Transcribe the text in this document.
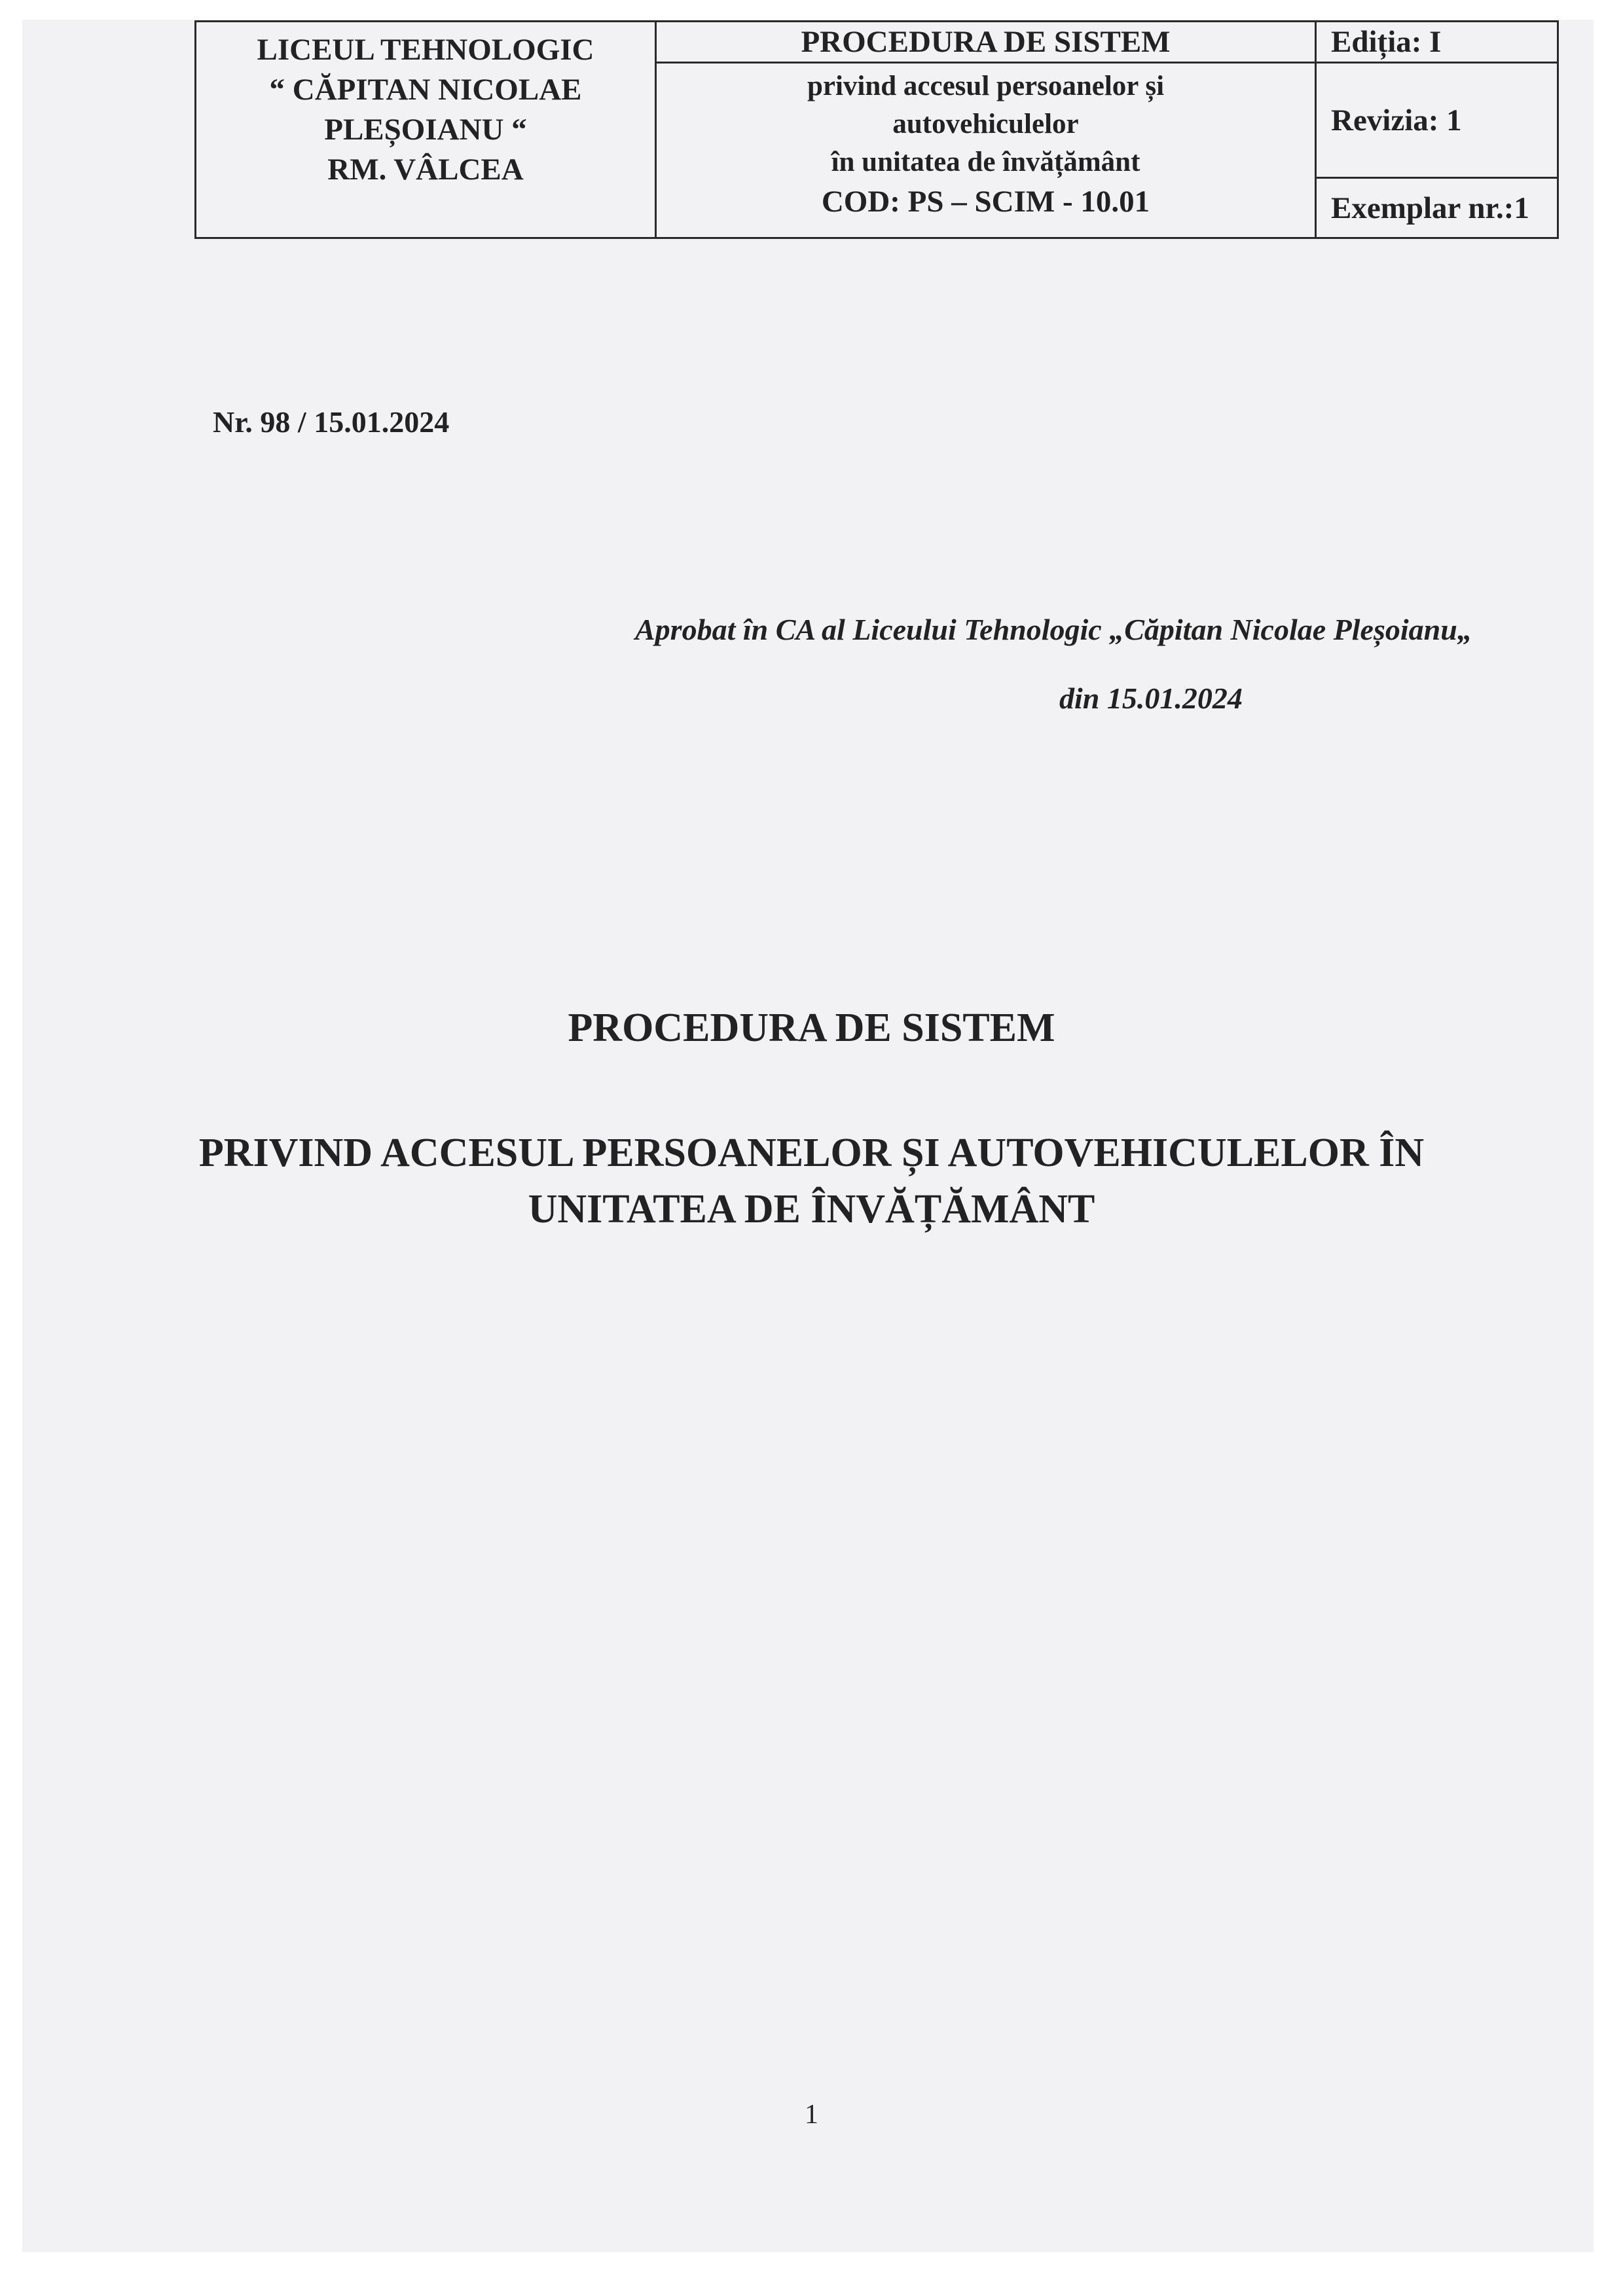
LICEUL TEHNOLOGIC
“ CĂPITAN NICOLAE
PLEȘOIANU “
RM. VÂLCEA
PROCEDURA DE SISTEM
privind accesul persoanelor și
autovehiculelor
în unitatea de învățământ
COD: PS – SCIM - 10.01
Ediția: I
Revizia: 1
Exemplar nr.:1
Nr. 98 / 15.01.2024
Aprobat în CA al Liceului Tehnologic „Căpitan Nicolae Pleșoianu„
din 15.01.2024
PROCEDURA DE SISTEM
PRIVIND ACCESUL PERSOANELOR ȘI AUTOVEHICULELOR ÎN
UNITATEA DE ÎNVĂȚĂMÂNT
1
